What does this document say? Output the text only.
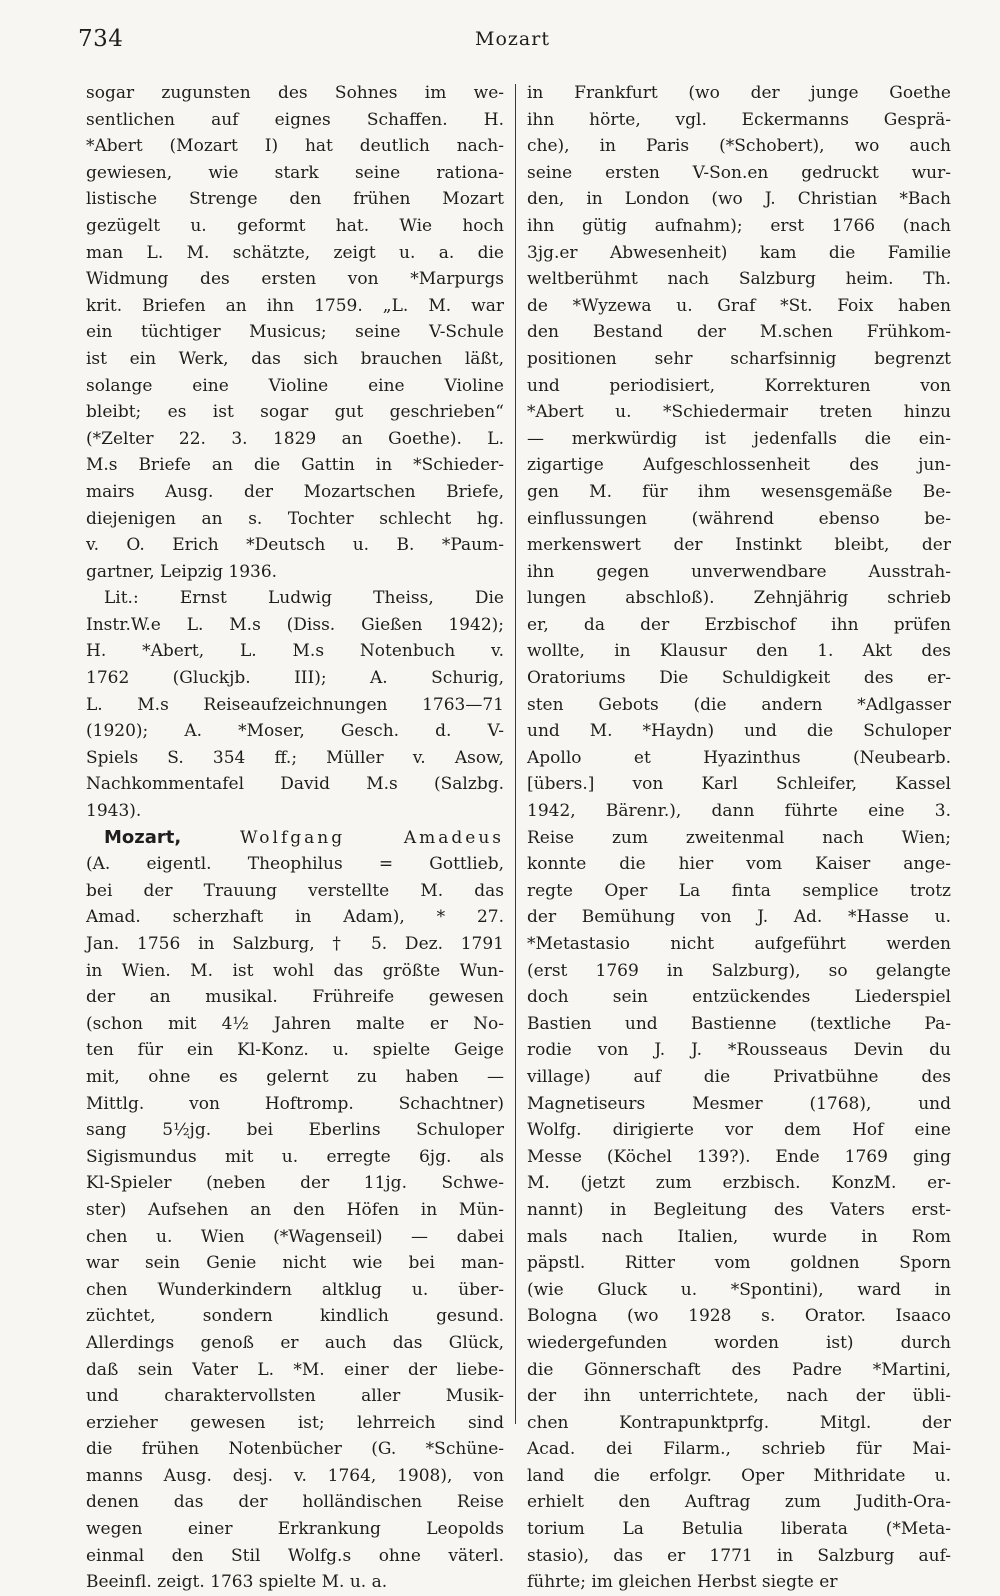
734	Mozart
sogar zugunsten des Sohnes im we-
sentlichen auf eignes Schaffen. H.
*Abert (Mozart I) hat deutlich nach-
gewiesen, wie stark seine rationa-
listische Strenge den frühen Mozart
gezügelt u. geformt hat. Wie hoch
man L. M. schätzte, zeigt u. a. die
Widmung des ersten von *Marpurgs
krit. Briefen an ihn 1759. „L. M. war
ein tüchtiger Musicus; seine V-Schule
ist ein Werk, das sich brauchen läßt,
solange eine Violine eine Violine
bleibt; es ist sogar gut geschrieben“
(*Zelter 22. 3. 1829 an Goethe). L.
M.s Briefe an die Gattin in *Schieder-
mairs Ausg. der Mozartschen Briefe,
diejenigen an s. Tochter schlecht hg.
v. O. Erich *Deutsch u. B. *Paum-
gartner, Leipzig 1936.
Lit.: Ernst Ludwig Theiss, Die
Instr.W.e L. M.s (Diss. Gießen 1942);
H. *Abert, L. M.s Notenbuch v.
1762 (Gluckjb. III); A. Schurig,
L. M.s Reiseaufzeichnungen 1763—71
(1920); A. *Moser, Gesch. d. V-
Spiels S. 354 ff.; Müller v. Asow,
Nachkommentafel David M.s (Salzbg.
1943).
Mozart, Wolfgang Amadeus
(A. eigentl. Theophilus = Gottlieb,
bei der Trauung verstellte M. das
Amad. scherzhaft in Adam), * 27.
Jan. 1756 in Salzburg, † 5. Dez. 1791
in Wien. M. ist wohl das größte Wun-
der an musikal. Frühreife gewesen
(schon mit 4½ Jahren malte er No-
ten für ein Kl-Konz. u. spielte Geige
mit, ohne es gelernt zu haben —
Mittlg. von Hoftromp. Schachtner)
sang 5½jg. bei Eberlins Schuloper
Sigismundus mit u. erregte 6jg. als
Kl-Spieler (neben der 11jg. Schwe-
ster) Aufsehen an den Höfen in Mün-
chen u. Wien (*Wagenseil) — dabei
war sein Genie nicht wie bei man-
chen Wunderkindern altklug u. über-
züchtet, sondern kindlich gesund.
Allerdings genoß er auch das Glück,
daß sein Vater L. *M. einer der liebe-
und charaktervollsten aller Musik-
erzieher gewesen ist; lehrreich sind
die frühen Notenbücher (G. *Schüne-
manns Ausg. desj. v. 1764, 1908), von
denen das der holländischen Reise
wegen einer Erkrankung Leopolds
einmal den Stil Wolfg.s ohne väterl.
Beeinfl. zeigt. 1763 spielte M. u. a.
in Frankfurt (wo der junge Goethe
ihn hörte, vgl. Eckermanns Gesprä-
che), in Paris (*Schobert), wo auch
seine ersten V-Son.en gedruckt wur-
den, in London (wo J. Christian *Bach
ihn gütig aufnahm); erst 1766 (nach
3jg.er Abwesenheit) kam die Familie
weltberühmt nach Salzburg heim. Th.
de *Wyzewa u. Graf *St. Foix haben
den Bestand der M.schen Frühkom-
positionen sehr scharfsinnig begrenzt
und periodisiert, Korrekturen von
*Abert u. *Schiedermair treten hinzu
— merkwürdig ist jedenfalls die ein-
zigartige Aufgeschlossenheit des jun-
gen M. für ihm wesensgemäße Be-
einflussungen (während ebenso be-
merkenswert der Instinkt bleibt, der
ihn gegen unverwendbare Ausstrah-
lungen abschloß). Zehnjährig schrieb
er, da der Erzbischof ihn prüfen
wollte, in Klausur den 1. Akt des
Oratoriums Die Schuldigkeit des er-
sten Gebots (die andern *Adlgasser
und M. *Haydn) und die Schuloper
Apollo et Hyazinthus (Neubearb.
[übers.] von Karl Schleifer, Kassel
1942, Bärenr.), dann führte eine 3.
Reise zum zweitenmal nach Wien;
konnte die hier vom Kaiser ange-
regte Oper La finta semplice trotz
der Bemühung von J. Ad. *Hasse u.
*Metastasio nicht aufgeführt werden
(erst 1769 in Salzburg), so gelangte
doch sein entzückendes Liederspiel
Bastien und Bastienne (textliche Pa-
rodie von J. J. *Rousseaus Devin du
village) auf die Privatbühne des
Magnetiseurs Mesmer (1768), und
Wolfg. dirigierte vor dem Hof eine
Messe (Köchel 139?). Ende 1769 ging
M. (jetzt zum erzbisch. KonzM. er-
nannt) in Begleitung des Vaters erst-
mals nach Italien, wurde in Rom
päpstl. Ritter vom goldnen Sporn
(wie Gluck u. *Spontini), ward in
Bologna (wo 1928 s. Orator. Isaaco
wiedergefunden worden ist) durch
die Gönnerschaft des Padre *Martini,
der ihn unterrichtete, nach der übli-
chen Kontrapunktprfg. Mitgl. der
Acad. dei Filarm., schrieb für Mai-
land die erfolgr. Oper Mithridate u.
erhielt den Auftrag zum Judith-Ora-
torium La Betulia liberata (*Meta-
stasio), das er 1771 in Salzburg auf-
führte; im gleichen Herbst siegte er
